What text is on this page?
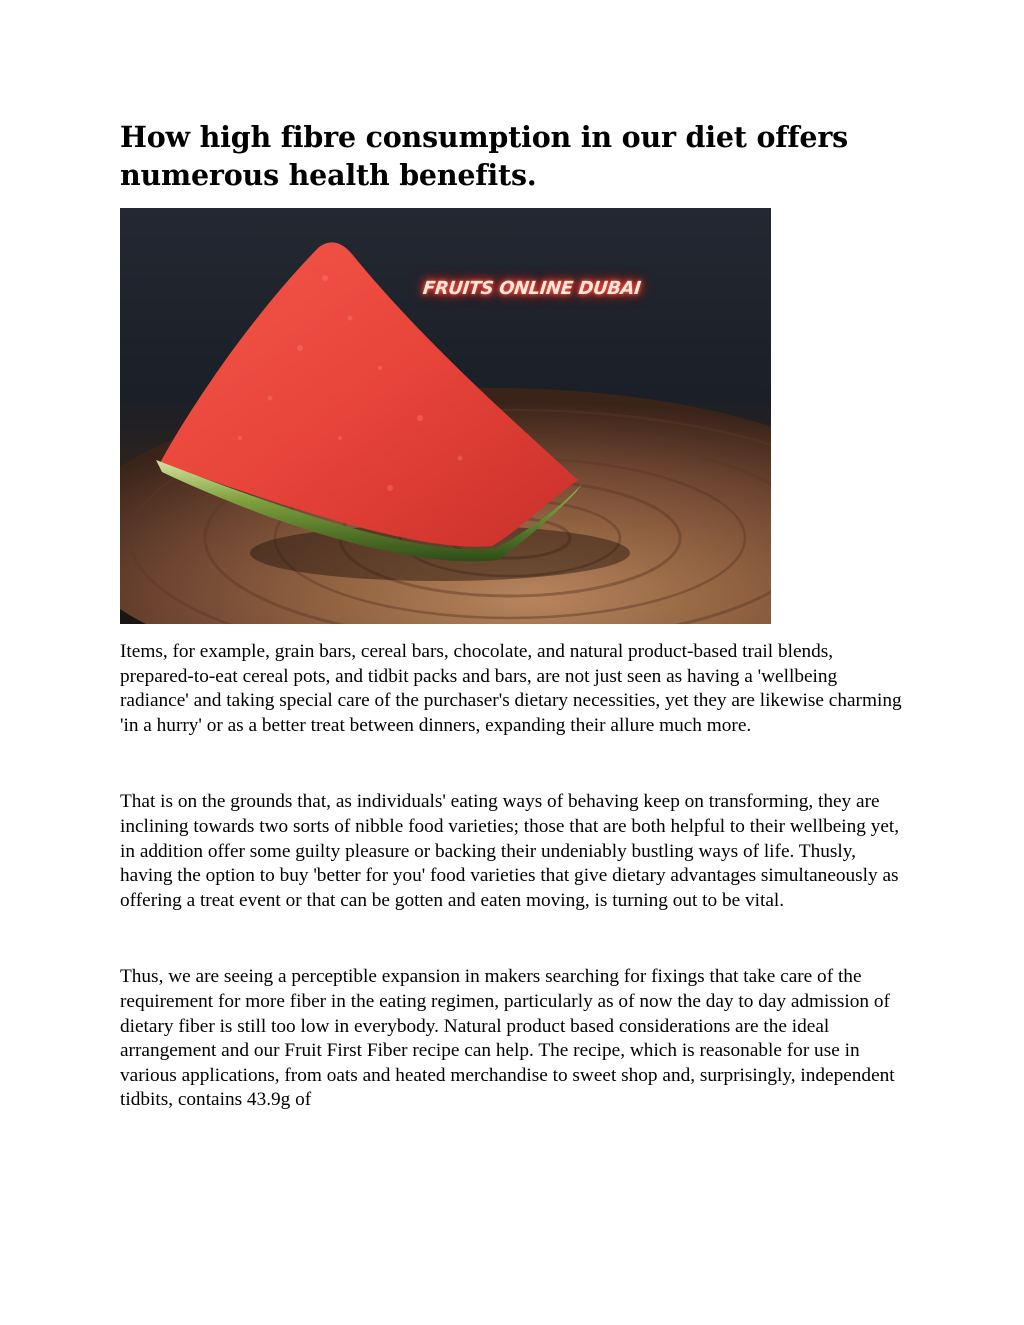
How high fibre consumption in our diet offers numerous health benefits.
FRUITS ONLINE DUBAI

Items, for example, grain bars, cereal bars, chocolate, and natural product-based trail blends, prepared-to-eat cereal pots, and tidbit packs and bars, are not just seen as having a 'wellbeing radiance' and taking special care of the purchaser's dietary necessities, yet they are likewise charming 'in a hurry' or as a better treat between dinners, expanding their allure much more.

That is on the grounds that, as individuals' eating ways of behaving keep on transforming, they are inclining towards two sorts of nibble food varieties; those that are both helpful to their wellbeing yet, in addition offer some guilty pleasure or backing their undeniably bustling ways of life. Thusly, having the option to buy 'better for you' food varieties that give dietary advantages simultaneously as offering a treat event or that can be gotten and eaten moving, is turning out to be vital.

Thus, we are seeing a perceptible expansion in makers searching for fixings that take care of the requirement for more fiber in the eating regimen, particularly as of now the day to day admission of dietary fiber is still too low in everybody. Natural product based considerations are the ideal arrangement and our Fruit First Fiber recipe can help. The recipe, which is reasonable for use in various applications, from oats and heated merchandise to sweet shop and, surprisingly, independent tidbits, contains 43.9g of
